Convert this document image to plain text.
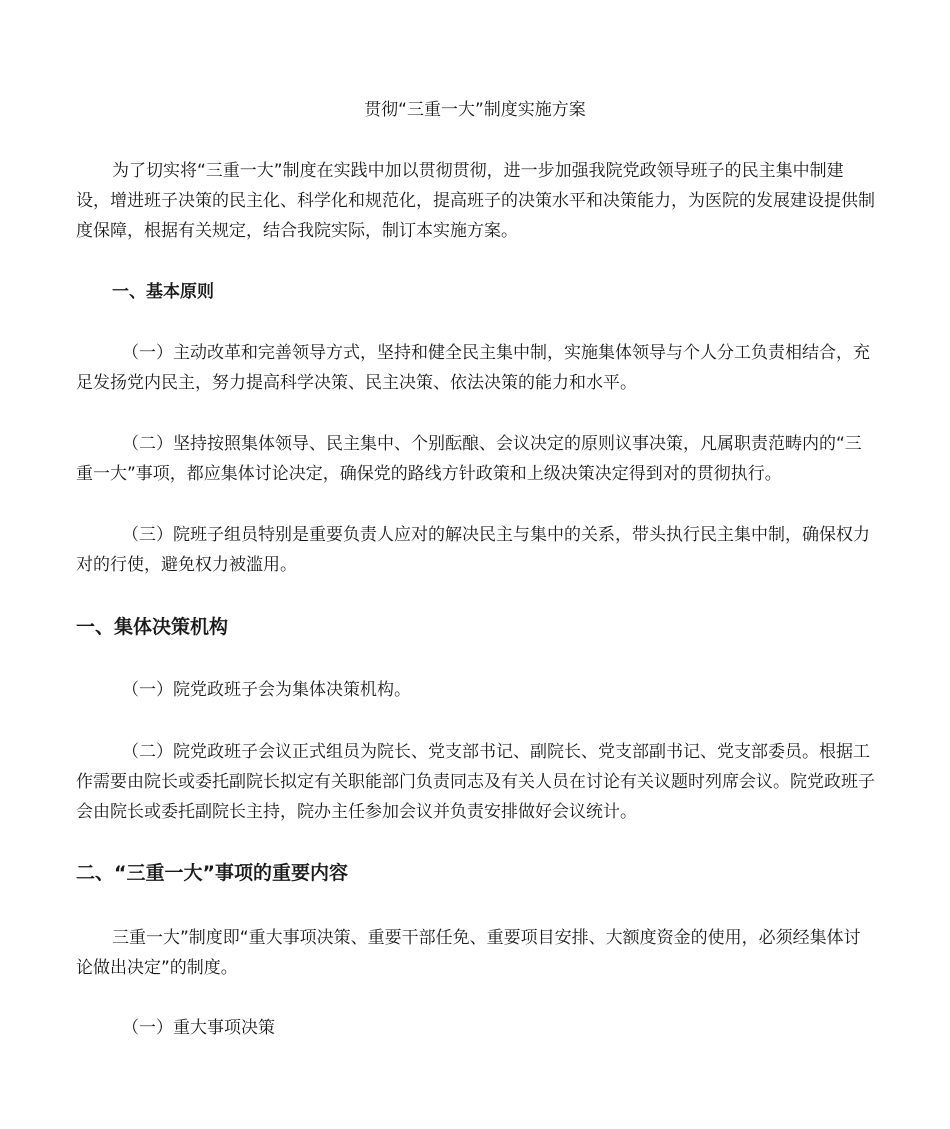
贯彻“三重一大”制度实施方案

为了切实将“三重一大”制度在实践中加以贯彻贯彻，进一步加强我院党政领导班子的民主集中制建设，增进班子决策的民主化、科学化和规范化，提高班子的决策水平和决策能力，为医院的发展建设提供制度保障，根据有关规定，结合我院实际，制订本实施方案。

一、基本原则

（一）主动改革和完善领导方式，坚持和健全民主集中制，实施集体领导与个人分工负责相结合，充足发扬党内民主，努力提高科学决策、民主决策、依法决策的能力和水平。

（二）坚持按照集体领导、民主集中、个别酝酿、会议决定的原则议事决策，凡属职责范畴内的“三重一大”事项，都应集体讨论决定，确保党的路线方针政策和上级决策决定得到对的贯彻执行。

（三）院班子组员特别是重要负责人应对的解决民主与集中的关系，带头执行民主集中制，确保权力对的行使，避免权力被滥用。

一、集体决策机构
（一）院党政班子会为集体决策机构。

（二）院党政班子会议正式组员为院长、党支部书记、副院长、党支部副书记、党支部委员。根据工作需要由院长或委托副院长拟定有关职能部门负责同志及有关人员在讨论有关议题时列席会议。院党政班子会由院长或委托副院长主持，院办主任参加会议并负责安排做好会议统计。

二、“三重一大”事项的重要内容

三重一大”制度即“重大事项决策、重要干部任免、重要项目安排、大额度资金的使用，必须经集体讨论做出决定”的制度。

（一）重大事项决策
